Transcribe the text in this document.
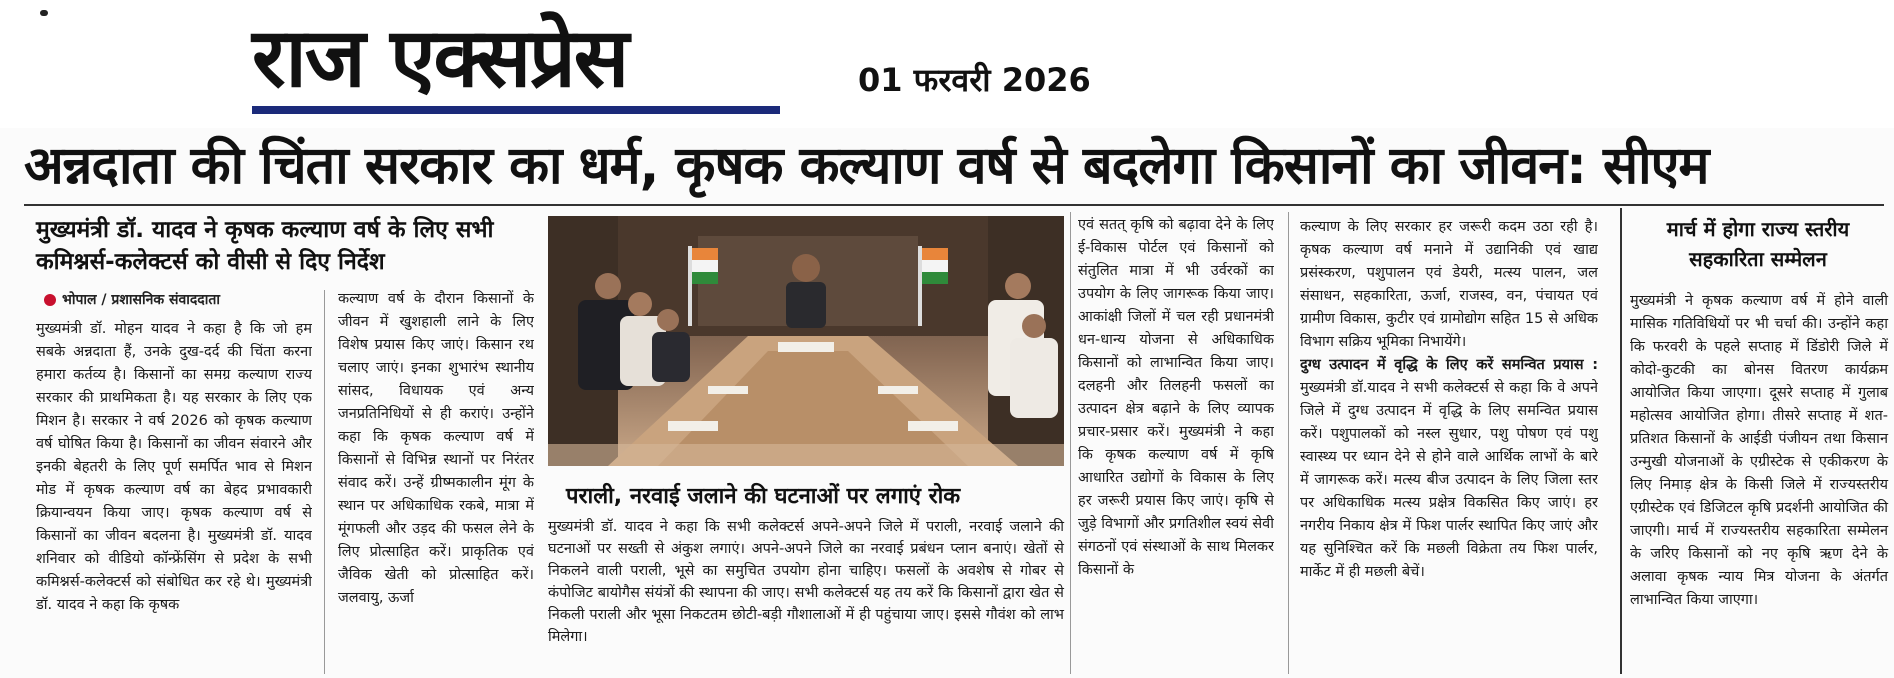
राज एक्सप्रेस	01 फरवरी 2026
अन्नदाता की चिंता सरकार का धर्म, कृषक कल्याण वर्ष से बदलेगा किसानों का जीवन: सीएम
मुख्यमंत्री डॉ. यादव ने कृषक कल्याण वर्ष के लिए सभी कमिश्नर्स-कलेक्टर्स को वीसी से दिए निर्देश
भोपाल / प्रशासनिक संवाददाता
मुख्यमंत्री डॉ. मोहन यादव ने कहा है कि जो हम सबके अन्नदाता हैं, उनके दुख-दर्द की चिंता करना हमारा कर्तव्य है। किसानों का समग्र कल्याण राज्य सरकार की प्राथमिकता है। यह सरकार के लिए एक मिशन है। सरकार ने वर्ष 2026 को कृषक कल्याण वर्ष घोषित किया है। किसानों का जीवन संवारने और इनकी बेहतरी के लिए पूर्ण समर्पित भाव से मिशन मोड में कृषक कल्याण वर्ष का बेहद प्रभावकारी क्रियान्वयन किया जाए। कृषक कल्याण वर्ष से किसानों का जीवन बदलना है। मुख्यमंत्री डॉ. यादव शनिवार को वीडियो कॉन्फ्रेंसिंग से प्रदेश के सभी कमिश्नर्स-कलेक्टर्स को संबोधित कर रहे थे। मुख्यमंत्री डॉ. यादव ने कहा कि कृषक
कल्याण वर्ष के दौरान किसानों के जीवन में खुशहाली लाने के लिए विशेष प्रयास किए जाएं। किसान रथ चलाए जाएं। इनका शुभारंभ स्थानीय सांसद, विधायक एवं अन्य जनप्रतिनिधियों से ही कराएं। उन्होंने कहा कि कृषक कल्याण वर्ष में किसानों से विभिन्न स्थानों पर निरंतर संवाद करें। उन्हें ग्रीष्मकालीन मूंग के स्थान पर अधिकाधिक रकबे, मात्रा में मूंगफली और उड़द की फसल लेने के लिए प्रोत्साहित करें। प्राकृतिक एवं जैविक खेती को प्रोत्साहित करें। जलवायु, ऊर्जा
पराली, नरवाई जलाने की घटनाओं पर लगाएं रोक
मुख्यमंत्री डॉ. यादव ने कहा कि सभी कलेक्टर्स अपने-अपने जिले में पराली, नरवाई जलाने की घटनाओं पर सख्ती से अंकुश लगाएं। अपने-अपने जिले का नरवाई प्रबंधन प्लान बनाएं। खेतों से निकलने वाली पराली, भूसे का समुचित उपयोग होना चाहिए। फसलों के अवशेष से गोबर से कंपोजिट बायोगैस संयंत्रों की स्थापना की जाए। सभी कलेक्टर्स यह तय करें कि किसानों द्वारा खेत से निकली पराली और भूसा निकटतम छोटी-बड़ी गौशालाओं में ही पहुंचाया जाए। इससे गौवंश को लाभ मिलेगा।
एवं सतत् कृषि को बढ़ावा देने के लिए ई-विकास पोर्टल एवं किसानों को संतुलित मात्रा में भी उर्वरकों का उपयोग के लिए जागरूक किया जाए। आकांक्षी जिलों में चल रही प्रधानमंत्री धन-धान्य योजना से अधिकाधिक किसानों को लाभान्वित किया जाए। दलहनी और तिलहनी फसलों का उत्पादन क्षेत्र बढ़ाने के लिए व्यापक प्रचार-प्रसार करें। मुख्यमंत्री ने कहा कि कृषक कल्याण वर्ष में कृषि आधारित उद्योगों के विकास के लिए हर जरूरी प्रयास किए जाएं। कृषि से जुड़े विभागों और प्रगतिशील स्वयं सेवी संगठनों एवं संस्थाओं के साथ मिलकर किसानों के
कल्याण के लिए सरकार हर जरूरी कदम उठा रही है। कृषक कल्याण वर्ष मनाने में उद्यानिकी एवं खाद्य प्रसंस्करण, पशुपालन एवं डेयरी, मत्स्य पालन, जल संसाधन, सहकारिता, ऊर्जा, राजस्व, वन, पंचायत एवं ग्रामीण विकास, कुटीर एवं ग्रामोद्योग सहित 15 से अधिक विभाग सक्रिय भूमिका निभायेंगे।
दुग्ध उत्पादन में वृद्धि के लिए करें समन्वित प्रयास : मुख्यमंत्री डॉ.यादव ने सभी कलेक्टर्स से कहा कि वे अपने जिले में दुग्ध उत्पादन में वृद्धि के लिए समन्वित प्रयास करें। पशुपालकों को नस्ल सुधार, पशु पोषण एवं पशु स्वास्थ्य पर ध्यान देने से होने वाले आर्थिक लाभों के बारे में जागरूक करें। मत्स्य बीज उत्पादन के लिए जिला स्तर पर अधिकाधिक मत्स्य प्रक्षेत्र विकसित किए जाएं। हर नगरीय निकाय क्षेत्र में फिश पार्लर स्थापित किए जाएं और यह सुनिश्चित करें कि मछली विक्रेता तय फिश पार्लर, मार्केट में ही मछली बेचें।
मार्च में होगा राज्य स्तरीय सहकारिता सम्मेलन
मुख्यमंत्री ने कृषक कल्याण वर्ष में होने वाली मासिक गतिविधियों पर भी चर्चा की। उन्होंने कहा कि फरवरी के पहले सप्ताह में डिंडोरी जिले में कोदो-कुटकी का बोनस वितरण कार्यक्रम आयोजित किया जाएगा। दूसरे सप्ताह में गुलाब महोत्सव आयोजित होगा। तीसरे सप्ताह में शत-प्रतिशत किसानों के आईडी पंजीयन तथा किसान उन्मुखी योजनाओं के एग्रीस्टेक से एकीकरण के लिए निमाड़ क्षेत्र के किसी जिले में राज्यस्तरीय एग्रीस्टेक एवं डिजिटल कृषि प्रदर्शनी आयोजित की जाएगी। मार्च में राज्यस्तरीय सहकारिता सम्मेलन के जरिए किसानों को नए कृषि ऋण देने के अलावा कृषक न्याय मित्र योजना के अंतर्गत लाभान्वित किया जाएगा।
